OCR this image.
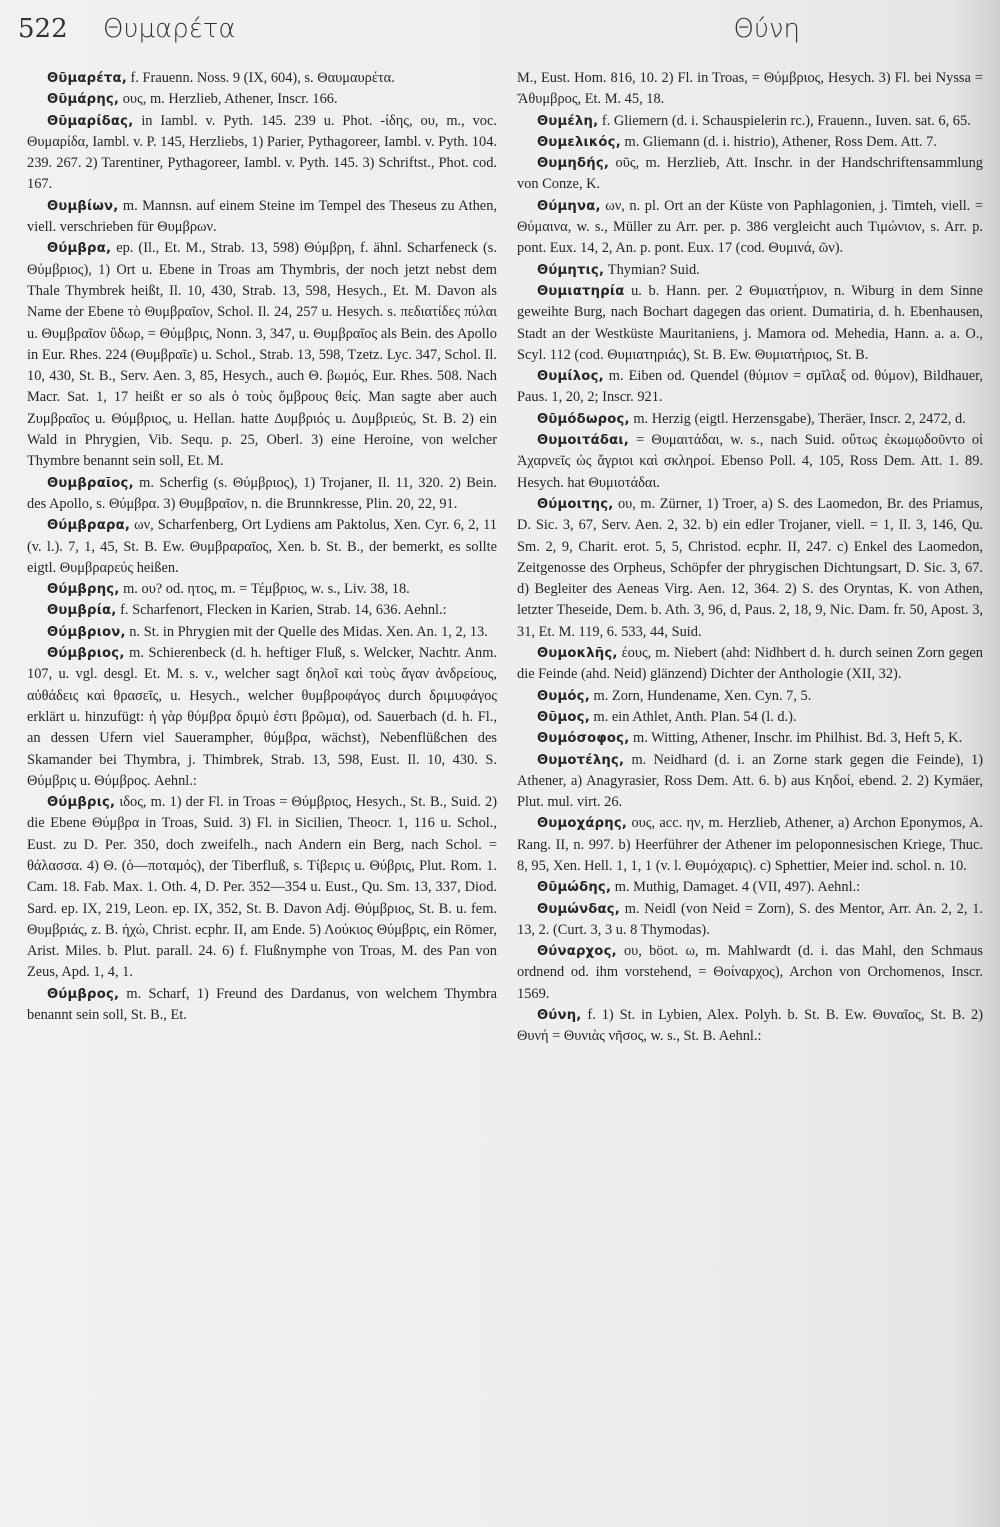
522 Θυμαρέτα	Θύνη

Θῡμαρέτα, f. Frauenn. Noss. 9 (IX, 604), s. Θαυμαυρέτα.

Θῡμάρης, ους, m. Herzlieb, Athener, Inscr. 166.

Θῡμαρίδας, in Iambl. v. Pyth. 145. 239 u. Phot. -ίδης, ου, m., voc. Θυμαρίδα, Iambl. v. P. 145, Herzliebs, 1) Parier, Pythagoreer, Iambl. v. Pyth. 104. 239. 267. 2) Tarentiner, Pythagoreer, Iambl. v. Pyth. 145. 3) Schriftst., Phot. cod. 167.

Θυμβίων, m. Mannsn. auf einem Steine im Tempel des Theseus zu Athen, viell. verschrieben für Θυμβρων.

Θύμβρα, ep. (Il., Et. M., Strab. 13, 598) Θύμβρη, f. ähnl. Scharfeneck (s. Θύμβριος), 1) Ort u. Ebene in Troas am Thymbris, der noch jetzt nebst dem Thale Thymbrek heißt, Il. 10, 430, Strab. 13, 598, Hesych., Et. M. Davon als Name der Ebene τὸ Θυμβραῖον, Schol. Il. 24, 257 u. Hesych. s. πεδιατίδες πύλαι u. Θυμβραῖον ὕδωρ, = Θύμβρις, Nonn. 3, 347, u. Θυμβραῖος als Bein. des Apollo in Eur. Rhes. 224 (Θυμβραῖε) u. Schol., Strab. 13, 598, Tzetz. Lyc. 347, Schol. Il. 10, 430, St. B., Serv. Aen. 3, 85, Hesych., auch Θ. βωμός, Eur. Rhes. 508. Nach Macr. Sat. 1, 17 heißt er so als ὁ τοὺς ὄμβρους θείς. Man sagte aber auch Ζυμβραῖος u. Θύμβριος, u. Hellan. hatte Δυμβριός u. Δυμβριεύς, St. B. 2) ein Wald in Phrygien, Vib. Sequ. p. 25, Oberl. 3) eine Heroine, von welcher Thymbre benannt sein soll, Et. M.

Θυμβραῖος, m. Scherfig (s. Θύμβριος), 1) Trojaner, Il. 11, 320. 2) Bein. des Apollo, s. Θύμβρα. 3) Θυμβραῖον, n. die Brunnkresse, Plin. 20, 22, 91.

Θύμβραρα, ων, Scharfenberg, Ort Lydiens am Paktolus, Xen. Cyr. 6, 2, 11 (v. l.). 7, 1, 45, St. B. Ew. Θυμβραραῖος, Xen. b. St. B., der bemerkt, es sollte eigtl. Θυμβραρεύς heißen.

Θύμβρης, m. ου? od. ητος, m. = Τέμβριος, w. s., Liv. 38, 18.

Θυμβρία, f. Scharfenort, Flecken in Karien, Strab. 14, 636. Aehnl.:

Θύμβριον, n. St. in Phrygien mit der Quelle des Midas. Xen. An. 1, 2, 13.

Θύμβριος, m. Schierenbeck (d. h. heftiger Fluß, s. Welcker, Nachtr. Anm. 107, u. vgl. desgl. Et. M. s. v., welcher sagt δηλοῖ καὶ τοὺς ἄγαν ἀνδρείους, αὐθάδεις καὶ θρασεῖς, u. Hesych., welcher θυμβροφάγος durch δριμυφάγος erklärt u. hinzufügt: ἡ γὰρ θύμβρα δριμὺ ἐστι βρῶμα), od. Sauerbach (d. h. Fl., an dessen Ufern viel Sauerampher, θύμβρα, wächst), Nebenflüßchen des Skamander bei Thymbra, j. Thimbrek, Strab. 13, 598, Eust. Il. 10, 430. S. Θύμβρις u. Θύμβρος. Aehnl.:

Θύμβρις, ιδος, m. 1) der Fl. in Troas = Θύμβριος, Hesych., St. B., Suid. 2) die Ebene Θύμβρα in Troas, Suid. 3) Fl. in Sicilien, Theocr. 1, 116 u. Schol., Eust. zu D. Per. 350, doch zweifelh., nach Andern ein Berg, nach Schol. = θάλασσα. 4) Θ. (ὁ—ποταμός), der Tiberfluß, s. Τίβερις u. Θύβρις, Plut. Rom. 1. Cam. 18. Fab. Max. 1. Oth. 4, D. Per. 352—354 u. Eust., Qu. Sm. 13, 337, Diod. Sard. ep. IX, 219, Leon. ep. IX, 352, St. B. Davon Adj. Θύμβριος, St. B. u. fem. Θυμβριάς, z. B. ἠχώ, Christ. ecphr. II, am Ende. 5) Λούκιος Θύμβρις, ein Römer, Arist. Miles. b. Plut. parall. 24. 6) f. Flußnymphe von Troas, M. des Pan von Zeus, Apd. 1, 4, 1.

Θύμβρος, m. Scharf, 1) Freund des Dardanus, von welchem Thymbra benannt sein soll, St. B., Et.

M., Eust. Hom. 816, 10. 2) Fl. in Troas, = Θύμβριος, Hesych. 3) Fl. bei Nyssa = Ἄθυμβρος, Et. M. 45, 18.

Θυμέλη, f. Gliemern (d. i. Schauspielerin rc.), Frauenn., Iuven. sat. 6, 65.

Θυμελικός, m. Gliemann (d. i. histrio), Athener, Ross Dem. Att. 7.

Θυμηδής, οῦς, m. Herzlieb, Att. Inschr. in der Handschriftensammlung von Conze, K.

Θύμηνα, ων, n. pl. Ort an der Küste von Paphlagonien, j. Timteh, viell. = Θύμαινα, w. s., Müller zu Arr. per. p. 386 vergleicht auch Τιμώνιον, s. Arr. p. pont. Eux. 14, 2, An. p. pont. Eux. 17 (cod. Θυμινά, ῶν).

Θύμητις, Thymian? Suid.

Θυμιατηρία u. b. Hann. per. 2 Θυμιατήριον, n. Wiburg in dem Sinne geweihte Burg, nach Bochart dagegen das orient. Dumatiria, d. h. Ebenhausen, Stadt an der Westküste Mauritaniens, j. Mamora od. Mehedia, Hann. a. a. O., Scyl. 112 (cod. Θυμιατηριάς), St. B. Ew. Θυμιατήριος, St. B.

Θυμίλος, m. Eiben od. Quendel (θύμιον = σμῖλαξ od. θύμον), Bildhauer, Paus. 1, 20, 2; Inscr. 921.

Θῡμόδωρος, m. Herzig (eigtl. Herzensgabe), Theräer, Inscr. 2, 2472, d.

Θυμοιτάδαι, = Θυμαιτάδαι, w. s., nach Suid. οὕτως ἐκωμῳδοῦντο οἱ Ἀχαρνεῖς ὡς ἄγριοι καὶ σκληροί. Ebenso Poll. 4, 105, Ross Dem. Att. 1. 89. Hesych. hat Θυμιοτάδαι.

Θύμοιτης, ου, m. Zürner, 1) Troer, a) S. des Laomedon, Br. des Priamus, D. Sic. 3, 67, Serv. Aen. 2, 32. b) ein edler Trojaner, viell. = 1, Il. 3, 146, Qu. Sm. 2, 9, Charit. erot. 5, 5, Christod. ecphr. II, 247. c) Enkel des Laomedon, Zeitgenosse des Orpheus, Schöpfer der phrygischen Dichtungsart, D. Sic. 3, 67. d) Begleiter des Aeneas Virg. Aen. 12, 364. 2) S. des Oryntas, K. von Athen, letzter Theseide, Dem. b. Ath. 3, 96, d, Paus. 2, 18, 9, Nic. Dam. fr. 50, Apost. 3, 31, Et. M. 119, 6. 533, 44, Suid.

Θυμοκλῆς, έους, m. Niebert (ahd: Nidhbert d. h. durch seinen Zorn gegen die Feinde (ahd. Neid) glänzend) Dichter der Anthologie (XII, 32).

Θυμός, m. Zorn, Hundename, Xen. Cyn. 7, 5.

Θῦμος, m. ein Athlet, Anth. Plan. 54 (l. d.).

Θυμόσοφος, m. Witting, Athener, Inschr. im Philhist. Bd. 3, Heft 5, K.

Θυμοτέλης, m. Neidhard (d. i. an Zorne stark gegen die Feinde), 1) Athener, a) Anagyrasier, Ross Dem. Att. 6. b) aus Κηδοί, ebend. 2. 2) Kymäer, Plut. mul. virt. 26.

Θυμοχάρης, ους, acc. ην, m. Herzlieb, Athener, a) Archon Eponymos, A. Rang. II, n. 997. b) Heerführer der Athener im peloponnesischen Kriege, Thuc. 8, 95, Xen. Hell. 1, 1, 1 (v. l. Θυμόχαρις). c) Sphettier, Meier ind. schol. n. 10.

Θῡμώδης, m. Muthig, Damaget. 4 (VII, 497). Aehnl.:

Θυμώνδας, m. Neidl (von Neid = Zorn), S. des Mentor, Arr. An. 2, 2, 1. 13, 2. (Curt. 3, 3 u. 8 Thymodas).

Θύναρχος, ου, böot. ω, m. Mahlwardt (d. i. das Mahl, den Schmaus ordnend od. ihm vorstehend, = Θοίναρχος), Archon von Orchomenos, Inscr. 1569.

Θύνη, f. 1) St. in Lybien, Alex. Polyh. b. St. B. Ew. Θυναῖος, St. B. 2) Θυνή = Θυνιὰς νῆσος, w. s., St. B. Aehnl.:
